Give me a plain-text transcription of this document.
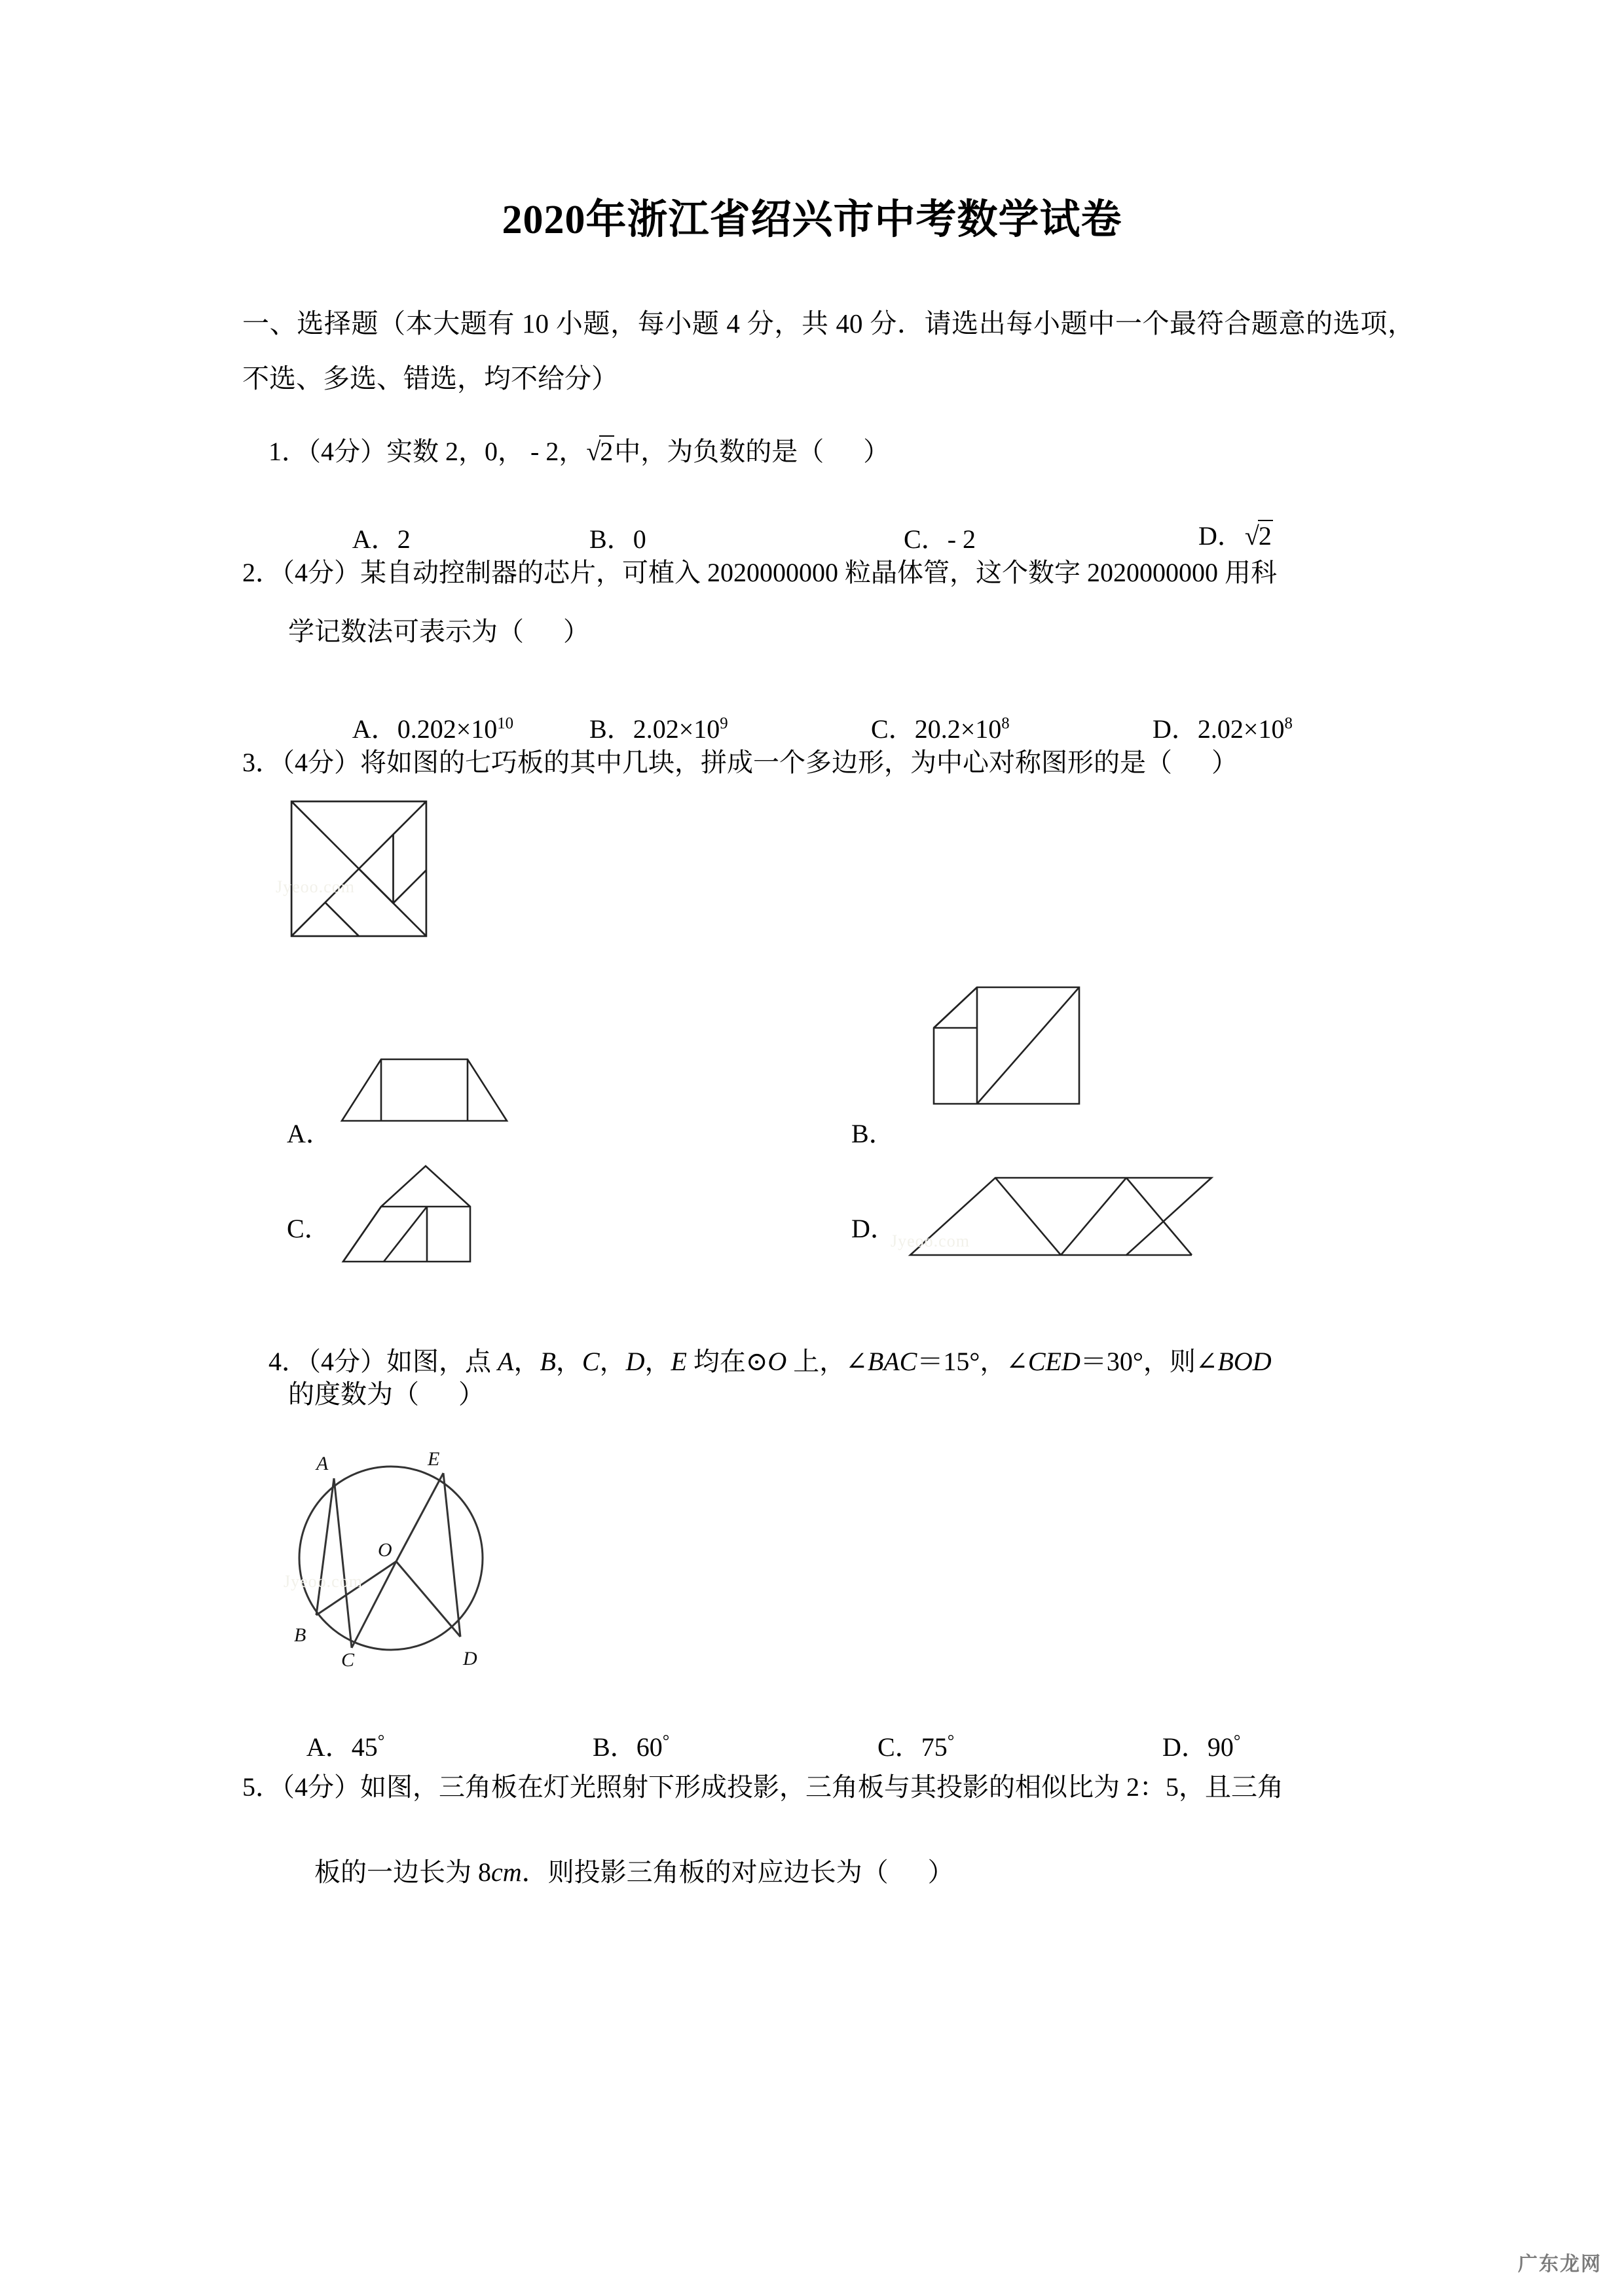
2020年浙江省绍兴市中考数学试卷
一、选择题（本大题有 10 小题，每小题 4 分，共 40 分．请选出每小题中一个最符合题意的选项，不选、多选、错选，均不给分）

1．（4分）实数 2，0， - 2，√2中，为负数的是（      ）

A．2
	B．0
	C．- 2
	D．√2

2．（4分）某自动控制器的芯片，可植入 2020000000 粒晶体管，这个数字 2020000000 用科
学记数法可表示为（      ）

A．$0.202\times 10^{10}$
	B．$2.02\times 10^9$
	C．$20.2\times 10^8$
	D．$2.02\times 10^8$

3．（4分）将如图的七巧板的其中几块，拼成一个多边形，为中心对称图形的是（      ）
Jyeoo.com
A．	B．
C．	D．
Jyeoo.com

4．（4分）如图，点 A，B，C，D，E 均在⊙O 上，∠BAC＝15°，∠CED＝30°，则∠BOD

的度数为（      ）
A	E
B
C	D
O
Jyeoo.com

A．45°
	B．60°
	C．75°
	D．90°

5．（4分）如图，三角板在灯光照射下形成投影，三角板与其投影的相似比为 2：5，且三角

板的一边长为 8cm．则投影三角板的对应边长为（      ）

广东龙网
